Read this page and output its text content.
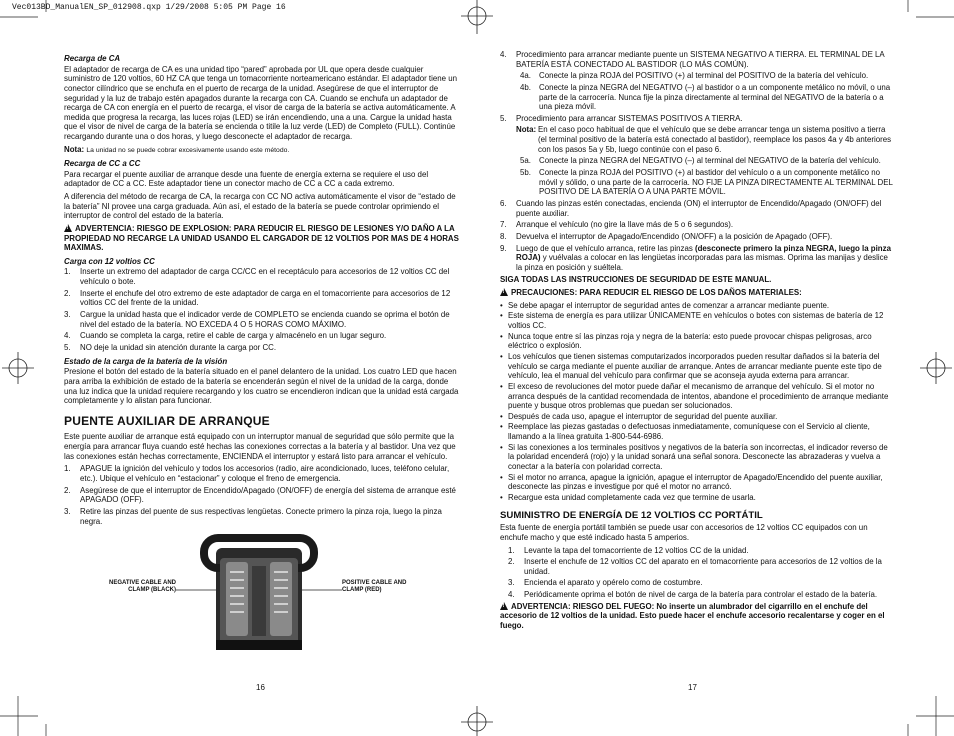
Vec013BD_ManualEN_SP_012908.qxp 1/29/2008 5:05 PM Page 16
Recarga de CA

El adaptador de recarga de CA es una unidad tipo “pared” aprobada por UL que opera desde cualquier suministro de 120 voltios, 60 HZ CA que tenga un tomacorriente norteamericano estándar. El adaptador tiene un conector cilíndrico que se enchufa en el puerto de recarga de la unidad. Asegúrese de que el interruptor de seguridad y la luz de trabajo estén apagados durante la recarga con CA. Cuando se enchufa un adaptador de recarga de CA con energía en el puerto de recarga, el visor de carga de la batería se activa automáticamente. A medida que progresa la recarga, las luces rojas (LED) se irán encendiendo, una a una. Cargue la unidad hasta que el visor de nivel de carga de la batería se encienda o titile la luz verde (LED) de Completo (FULL). Continúe recargando durante una o dos horas, y luego desconecte el adaptador de recarga.

Nota: La unidad no se puede cobrar excesivamente usando este método.

Recarga de CC a CC

Para recargar el puente auxiliar de arranque desde una fuente de energía externa se requiere el uso del adaptador de CC a CC. Este adaptador tiene un conector macho de CC a CC a cada extremo.

A diferencia del método de recarga de CA, la recarga con CC NO activa automáticamente el visor de “estado de la batería” NI provee una carga graduada. Aún así, el estado de la batería se puede controlar oprimiendo el interruptor de control del estado de la batería.

!ADVERTENCIA: RIESGO DE EXPLOSION: PARA REDUCIR EL RIESGO DE LESIONES Y/O DAÑO A LA PROPIEDAD NO RECARGE LA UNIDAD USANDO EL CARGADOR DE 12 VOLTIOS POR MAS DE 4 HORAS MAXIMAS.

Carga con 12 voltios CC
1.	Inserte un extremo del adaptador de carga CC/CC en el receptáculo para accesorios de 12 voltios CC del vehículo o bote.
2.	Inserte el enchufe del otro extremo de este adaptador de carga en el tomacorriente para accesorios de 12 voltios CC del frente de la unidad.
3.	Cargue la unidad hasta que el indicador verde de COMPLETO se encienda cuando se oprima el botón de nivel del estado de la batería. NO EXCEDA 4 O 5 HORAS COMO MÁXIMO.
4.	Cuando se completa la carga, retire el cable de carga y almacénelo en un lugar seguro.
5.	NO deje la unidad sin atención durante la carga por CC.
Estado de la carga de la batería de la visión

Presione el botón del estado de la batería situado en el panel delantero de la unidad. Los cuatro LED que hacen para arriba la exhibición de estado de la batería se encenderán según el nivel de la unidad de la carga, donde una luz indica que la unidad requiere recargando y los cuatro se encendieron indican que la unidad está cargada completamente y lo alistan para funcionar.

PUENTE AUXILIAR DE ARRANQUE

Este puente auxiliar de arranque está equipado con un interruptor manual de seguridad que sólo permite que la energía para arrancar fluya cuando esté hechas las conexiones correctas a la batería y al bastidor. Una vez que las conexiones están hechas correctamente, ENCIENDA el interruptor y estará listo para arrancar el vehículo.

1.	APAGUE la ignición del vehículo y todos los accesorios (radio, aire acondicionado, luces, teléfono celular, etc.). Ubique el vehículo en “estacionar” y coloque el freno de emergencia.
2.	Asegúrese de que el interruptor de Encendido/Apagado (ON/OFF) de energía del sistema de arranque esté APAGADO (OFF).
3.	Retire las pinzas del puente de sus respectivas lengüetas. Conecte primero la pinza roja, luego la pinza negra.
NEGATIVE CABLE AND
CLAMP (BLACK)
POSITIVE CABLE AND
CLAMP (RED)
16
4.	Procedimiento para arrancar mediante puente un SISTEMA NEGATIVO A TIERRA. EL TERMINAL DE LA BATERÍA ESTÁ CONECTADO AL BASTIDOR (LO MÁS COMÚN).
4a.	Conecte la pinza ROJA del POSITIVO (+) al terminal del POSITIVO de la batería del vehículo.
4b.	Conecte la pinza NEGRA del NEGATIVO (–) al bastidor o a un componente metálico no móvil, o una parte de la carrocería. Nunca fije la pinza directamente al terminal del NEGATIVO de la batería o a una pieza móvil.
5.	Procedimiento para arrancar SISTEMAS POSITIVOS A TIERRA.
Nota: En el caso poco habitual de que el vehículo que se debe arrancar tenga un sistema positivo a tierra (el terminal positivo de la batería está conectado al bastidor), reemplace los pasos 4a y 4b anteriores con los pasos 5a y 5b, luego continúe con el paso 6.
5a.	Conecte la pinza NEGRA del NEGATIVO (–) al terminal del NEGATIVO de la batería del vehículo.
5b.	Conecte la pinza ROJA del POSITIVO (+) al bastidor del vehículo o a un componente metálico no móvil y sólido, o una parte de la carrocería. NO FIJE LA PINZA DIRECTAMENTE AL TERMINAL DEL POSITIVO DE LA BATERÍA O A UNA PARTE MÓVIL.
6.	Cuando las pinzas estén conectadas, encienda (ON) el interruptor de Encendido/Apagado (ON/OFF) del puente auxiliar.
7.	Arranque el vehículo (no gire la llave más de 5 o 6 segundos).
8.	Devuelva el interruptor de Apagado/Encendido (ON/OFF) a la posición de Apagado (OFF).
9.	Luego de que el vehículo arranca, retire las pinzas (desconecte primero la pinza NEGRA, luego la pinza ROJA) y vuélvalas a colocar en las lengüetas incorporadas para las mismas. Oprima las manijas y deslice la pinza en posición y suéltela.

SIGA TODAS LAS INSTRUCCIONES DE SEGURIDAD DE ESTE MANUAL.

!PRECAUCIONES: PARA REDUCIR EL RIESGO DE LOS DAÑOS MATERIALES:

• Se debe apagar el interruptor de seguridad antes de comenzar a arrancar mediante puente.
• Este sistema de energía es para utilizar ÚNICAMENTE en vehículos o botes con sistemas de batería de 12 voltios CC.
• Nunca toque entre sí las pinzas roja y negra de la batería: esto puede provocar chispas peligrosas, arco eléctrico o explosión.
• Los vehículos que tienen sistemas computarizados incorporados pueden resultar dañados si la batería del vehículo se carga mediante el puente auxiliar de arranque. Antes de arrancar mediante puente este tipo de vehículo, lea el manual del vehículo para confirmar que se aconseja ayuda externa para arrancar.
• El exceso de revoluciones del motor puede dañar el mecanismo de arranque del vehículo. Si el motor no arranca después de la cantidad recomendada de intentos, abandone el procedimiento de arranque mediante puente y busque otros problemas que puedan ser solucionados.
• Después de cada uso, apague el interruptor de seguridad del puente auxiliar.
• Reemplace las piezas gastadas o defectuosas inmediatamente, comuníquese con el Servicio al cliente, llamando a la línea gratuita 1-800-544-6986.
• Si las conexiones a los terminales positivos y negativos de la batería son incorrectas, el indicador reverso de la polaridad encenderá (rojo) y la unidad sonará una señal sonora. Desconecte las abrazaderas y vuelva a conectar a la batería con polaridad correcta.
• Si el motor no arranca, apague la ignición, apague el interruptor de Apagado/Encendido del puente auxiliar, desconecte las pinzas e investigue por qué el motor no arrancó.
• Recargue esta unidad completamente cada vez que termine de usarla.
SUMINISTRO DE ENERGÍA DE 12 VOLTIOS CC PORTÁTIL

Esta fuente de energía portátil también se puede usar con accesorios de 12 voltios CC equipados con un enchufe macho y que esté indicado hasta 5 amperios.

1.	Levante la tapa del tomacorriente de 12 voltios CC de la unidad.
2.	Inserte el enchufe de 12 voltios CC del aparato en el tomacorriente para accesorios de 12 voltios de la unidad.
3.	Encienda el aparato y opérelo como de costumbre.
4.	Periódicamente oprima el botón de nivel de carga de la batería para controlar el estado de la batería.

!ADVERTENCIA: RIESGO DEL FUEGO: No inserte un alumbrador del cigarrillo en el enchufe del accesorio de 12 voltios de la unidad. Esto puede hacer el enchufe accesorio recalentarse y coger en el fuego.

17
